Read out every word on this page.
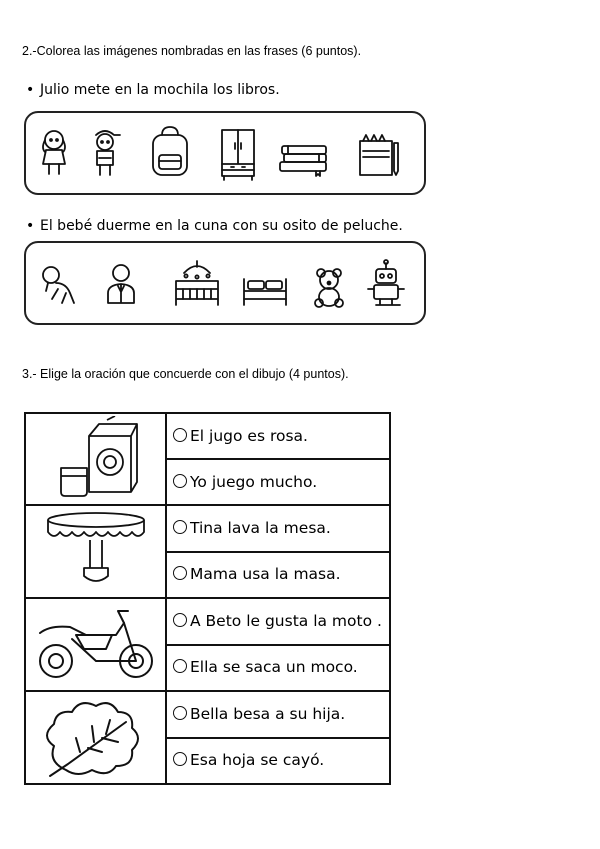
2.-Colorea las imágenes nombradas en las frases (6 puntos).
• Julio mete en la mochila los libros.
• El bebé duerme en la cuna con su osito de peluche.
3.- Elige la oración que concuerde con el dibujo (4 puntos).
	El jugo es rosa.
	Yo juego mucho.
	Tina lava la mesa.
	Mama usa la masa.
	A Beto le gusta la moto .
	Ella se saca un moco.
	Bella besa a su hija.
	Esa hoja se cayó.
